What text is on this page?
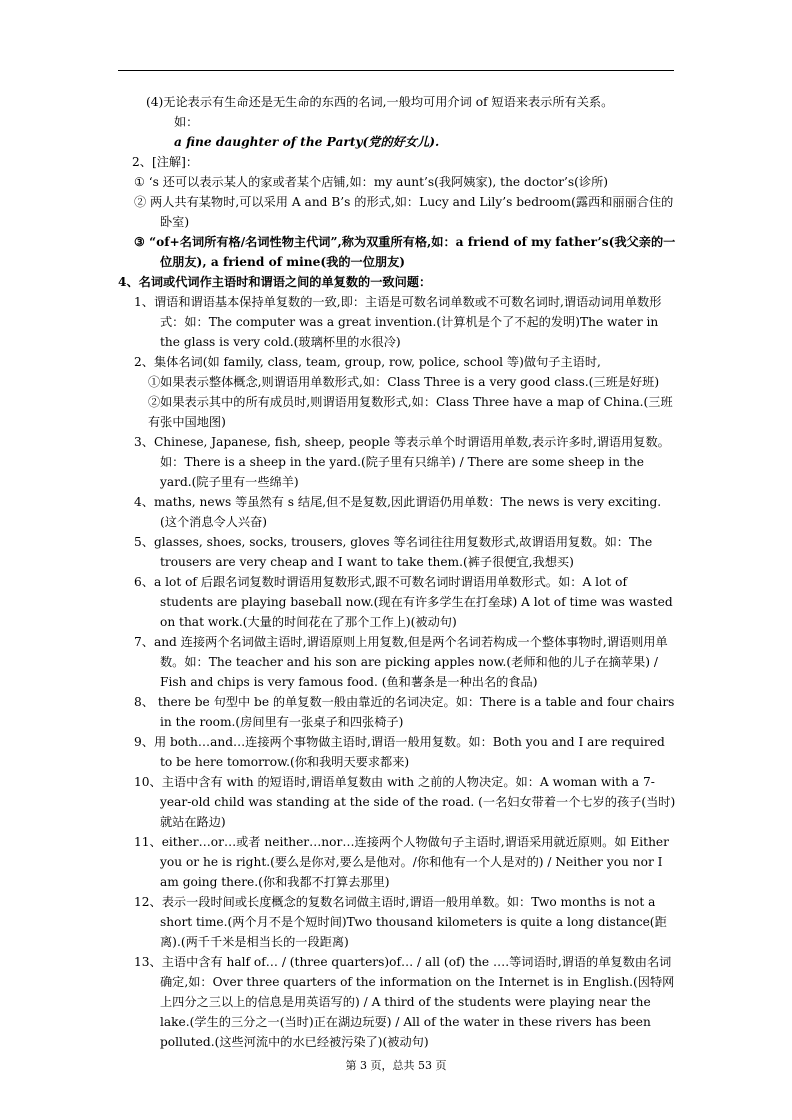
(4)无论表示有生命还是无生命的东西的名词,一般均可用介词 of 短语来表示所有关系。

如：

a fine daughter of the Party(党的好女儿).

2、[注解]：

① ‘s 还可以表示某人的家或者某个店铺,如：my aunt’s(我阿姨家), the doctor’s(诊所)

② 两人共有某物时,可以采用 A and B’s 的形式,如：Lucy and Lily’s bedroom(露西和丽丽合住的卧室)

③ “of+名词所有格/名词性物主代词”,称为双重所有格,如：a friend of my father’s(我父亲的一位朋友), a friend of mine(我的一位朋友)

4、名词或代词作主语时和谓语之间的单复数的一致问题：

1、谓语和谓语基本保持单复数的一致,即：主语是可数名词单数或不可数名词时,谓语动词用单数形式：如：The computer was a great invention.(计算机是个了不起的发明)The water in the glass is very cold.(玻璃杯里的水很冷)

2、集体名词(如 family, class, team, group, row, police, school 等)做句子主语时,

①如果表示整体概念,则谓语用单数形式,如：Class Three is a very good class.(三班是好班)

②如果表示其中的所有成员时,则谓语用复数形式,如：Class Three have a map of China.(三班有张中国地图)

3、Chinese, Japanese, fish, sheep, people 等表示单个时谓语用单数,表示许多时,谓语用复数。如：There is a sheep in the yard.(院子里有只绵羊) / There are some sheep in the yard.(院子里有一些绵羊)

4、maths, news 等虽然有 s 结尾,但不是复数,因此谓语仍用单数：The news is very exciting.(这个消息令人兴奋)

5、glasses, shoes, socks, trousers, gloves 等名词往往用复数形式,故谓语用复数。如：The trousers are very cheap and I want to take them.(裤子很便宜,我想买)

6、a lot of 后跟名词复数时谓语用复数形式,跟不可数名词时谓语用单数形式。如：A lot of students are playing baseball now.(现在有许多学生在打垒球) A lot of time was wasted on that work.(大量的时间花在了那个工作上)(被动句)

7、and 连接两个名词做主语时,谓语原则上用复数,但是两个名词若构成一个整体事物时,谓语则用单数。如：The teacher and his son are picking apples now.(老师和他的儿子在摘苹果) / Fish and chips is very famous food. (鱼和薯条是一种出名的食品)

8、 there be 句型中 be 的单复数一般由靠近的名词决定。如：There is a table and four chairs in the room.(房间里有一张桌子和四张椅子)

9、用 both…and…连接两个事物做主语时,谓语一般用复数。如：Both you and I are required to be here tomorrow.(你和我明天要求都来)

10、主语中含有 with 的短语时,谓语单复数由 with 之前的人物决定。如：A woman with a 7-year-old child was standing at the side of the road. (一名妇女带着一个七岁的孩子(当时)就站在路边)

11、either…or…或者 neither…nor…连接两个人物做句子主语时,谓语采用就近原则。如 Either you or he is right.(要么是你对,要么是他对。/你和他有一个人是对的) / Neither you nor I am going there.(你和我都不打算去那里)

12、表示一段时间或长度概念的复数名词做主语时,谓语一般用单数。如：Two months is not a short time.(两个月不是个短时间)Two thousand kilometers is quite a long distance(距离).(两千千米是相当长的一段距离)

13、主语中含有 half of… / (three quarters)of… / all (of) the ….等词语时,谓语的单复数由名词确定,如：Over three quarters of the information on the Internet is in English.(因特网上四分之三以上的信息是用英语写的) / A third of the students were playing near the lake.(学生的三分之一(当时)正在湖边玩耍) / All of the water in these rivers has been polluted.(这些河流中的水已经被污染了)(被动句)

第 3 页，总共 53 页
